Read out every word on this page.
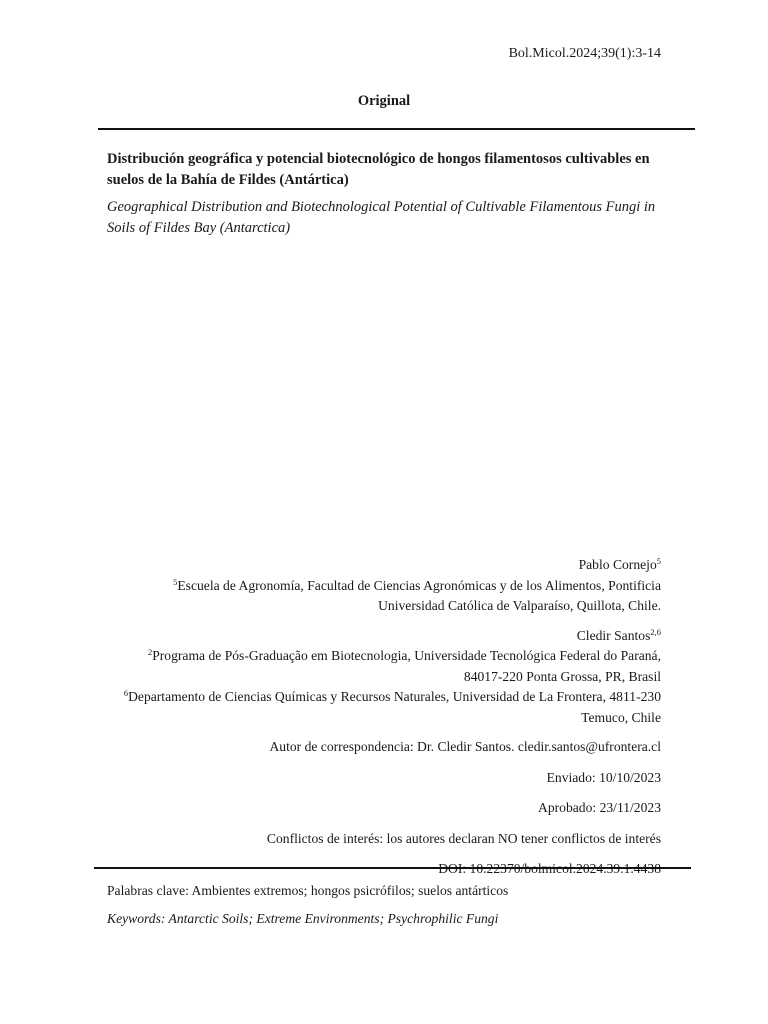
Bol.Micol.2024;39(1):3-14
Original
Distribución geográfica y potencial biotecnológico de hongos filamentosos cultivables en suelos de la Bahía de Fildes (Antártica)
Geographical Distribution and Biotechnological Potential of Cultivable Filamentous Fungi in Soils of Fildes Bay (Antarctica)

Pablo Cornejo$^5$

$^5$Escuela de Agronomía, Facultad de Ciencias Agronómicas y de los Alimentos, Pontificia

Universidad Católica de Valparaíso, Quillota, Chile.

Cledir Santos$^{2,6}$

$^2$Programa de Pós-Graduação em Biotecnologia, Universidade Tecnológica Federal do Paraná,

84017-220 Ponta Grossa, PR, Brasil

$^6$Departamento de Ciencias Químicas y Recursos Naturales, Universidad de La Frontera, 4811-230

Temuco, Chile

Autor de correspondencia: Dr. Cledir Santos. cledir.santos@ufrontera.cl

Enviado: 10/10/2023

Aprobado: 23/11/2023

Conflictos de interés: los autores declaran NO tener conflictos de interés

DOI: 10.22370/bolmicol.2024.39.1.4438

Palabras clave: Ambientes extremos; hongos psicrófilos; suelos antárticos
Keywords: Antarctic Soils; Extreme Environments; Psychrophilic Fungi
